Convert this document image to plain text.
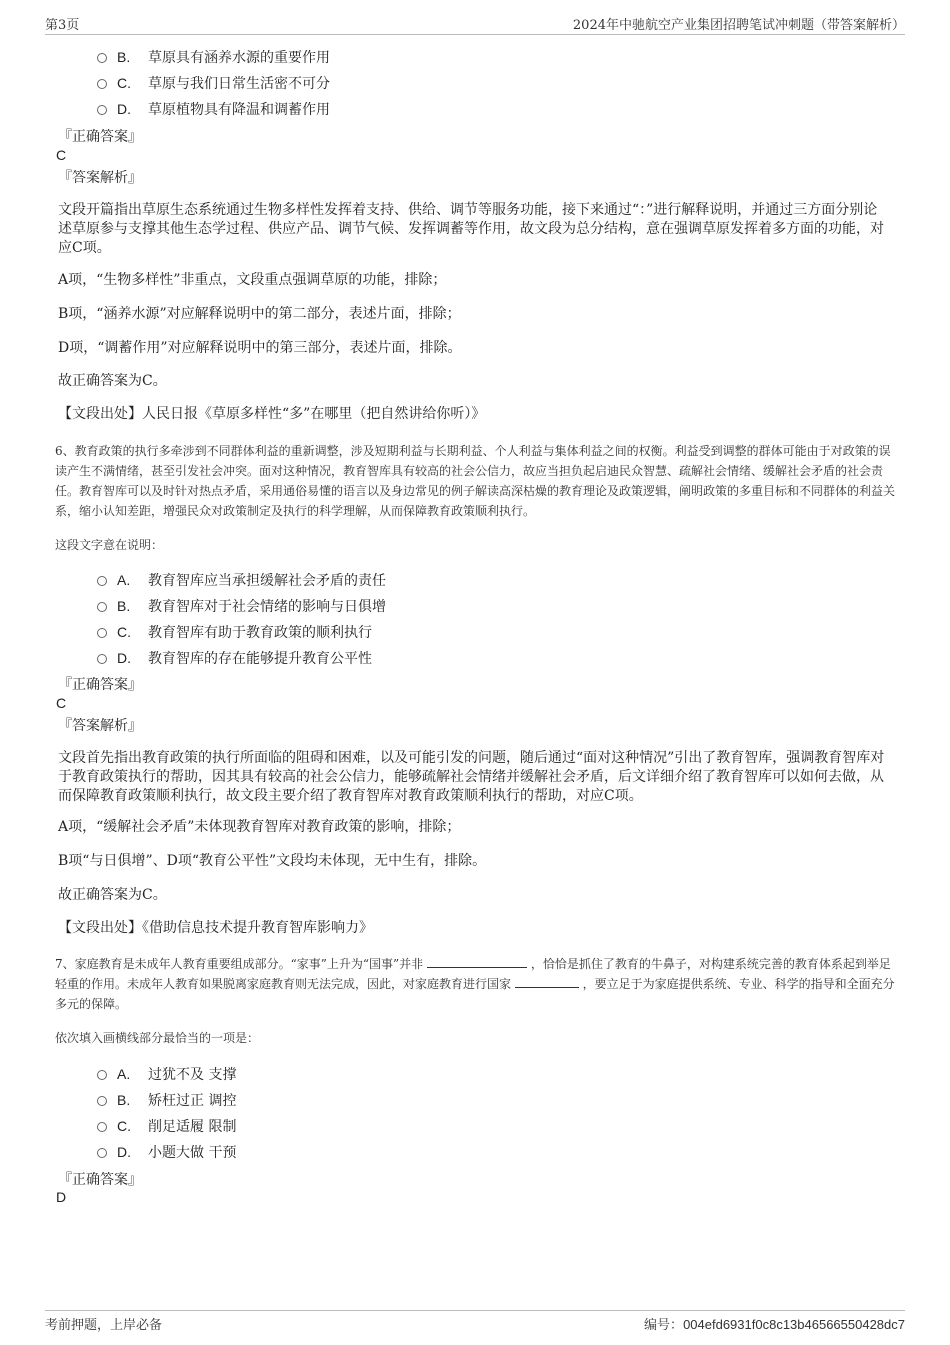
第3页	2024年中驰航空产业集团招聘笔试冲刺题（带答案解析）
B. 草原具有涵养水源的重要作用
C. 草原与我们日常生活密不可分
D. 草原植物具有降温和调蓄作用
『正确答案』
C
『答案解析』
文段开篇指出草原生态系统通过生物多样性发挥着支持、供给、调节等服务功能，接下来通过“：”进行解释说明，并通过三方面分别论述草原参与支撑其他生态学过程、供应产品、调节气候、发挥调蓄等作用，故文段为总分结构，意在强调草原发挥着多方面的功能，对应C项。
A项，“生物多样性”非重点，文段重点强调草原的功能，排除；
B项，“涵养水源”对应解释说明中的第二部分，表述片面，排除；
D项，“调蓄作用”对应解释说明中的第三部分，表述片面，排除。
故正确答案为C。
【文段出处】人民日报《草原多样性“多”在哪里（把自然讲给你听）》
6、教育政策的执行多牵涉到不同群体利益的重新调整，涉及短期利益与长期利益、个人利益与集体利益之间的权衡。利益受到调整的群体可能由于对政策的误读产生不满情绪，甚至引发社会冲突。面对这种情况，教育智库具有较高的社会公信力，故应当担负起启迪民众智慧、疏解社会情绪、缓解社会矛盾的社会责任。教育智库可以及时针对热点矛盾，采用通俗易懂的语言以及身边常见的例子解读高深枯燥的教育理论及政策逻辑，阐明政策的多重目标和不同群体的利益关系，缩小认知差距，增强民众对政策制定及执行的科学理解，从而保障教育政策顺利执行。
这段文字意在说明：
A. 教育智库应当承担缓解社会矛盾的责任
B. 教育智库对于社会情绪的影响与日俱增
C. 教育智库有助于教育政策的顺利执行
D. 教育智库的存在能够提升教育公平性
『正确答案』
C
『答案解析』
文段首先指出教育政策的执行所面临的阻碍和困难，以及可能引发的问题，随后通过“面对这种情况”引出了教育智库，强调教育智库对于教育政策执行的帮助，因其具有较高的社会公信力，能够疏解社会情绪并缓解社会矛盾，后文详细介绍了教育智库可以如何去做，从而保障教育政策顺利执行，故文段主要介绍了教育智库对教育政策顺利执行的帮助，对应C项。
A项，“缓解社会矛盾”未体现教育智库对教育政策的影响，排除；
B项“与日俱增”、D项“教育公平性”文段均未体现，无中生有，排除。
故正确答案为C。
【文段出处】《借助信息技术提升教育智库影响力》
7、家庭教育是未成年人教育重要组成部分。“家事”上升为“国事”并非	，恰恰是抓住了教育的牛鼻子，对构建系统完善的教育体系起到举足轻重的作用。未成年人教育如果脱离家庭教育则无法完成，因此，对家庭教育进行国家	，要立足于为家庭提供系统、专业、科学的指导和全面充分多元的保障。
依次填入画横线部分最恰当的一项是：
A. 过犹不及 支撑
B. 矫枉过正 调控
C. 削足适履 限制
D. 小题大做 干预
『正确答案』
D
考前押题，上岸必备	编号：004efd6931f0c8c13b46566550428dc7
